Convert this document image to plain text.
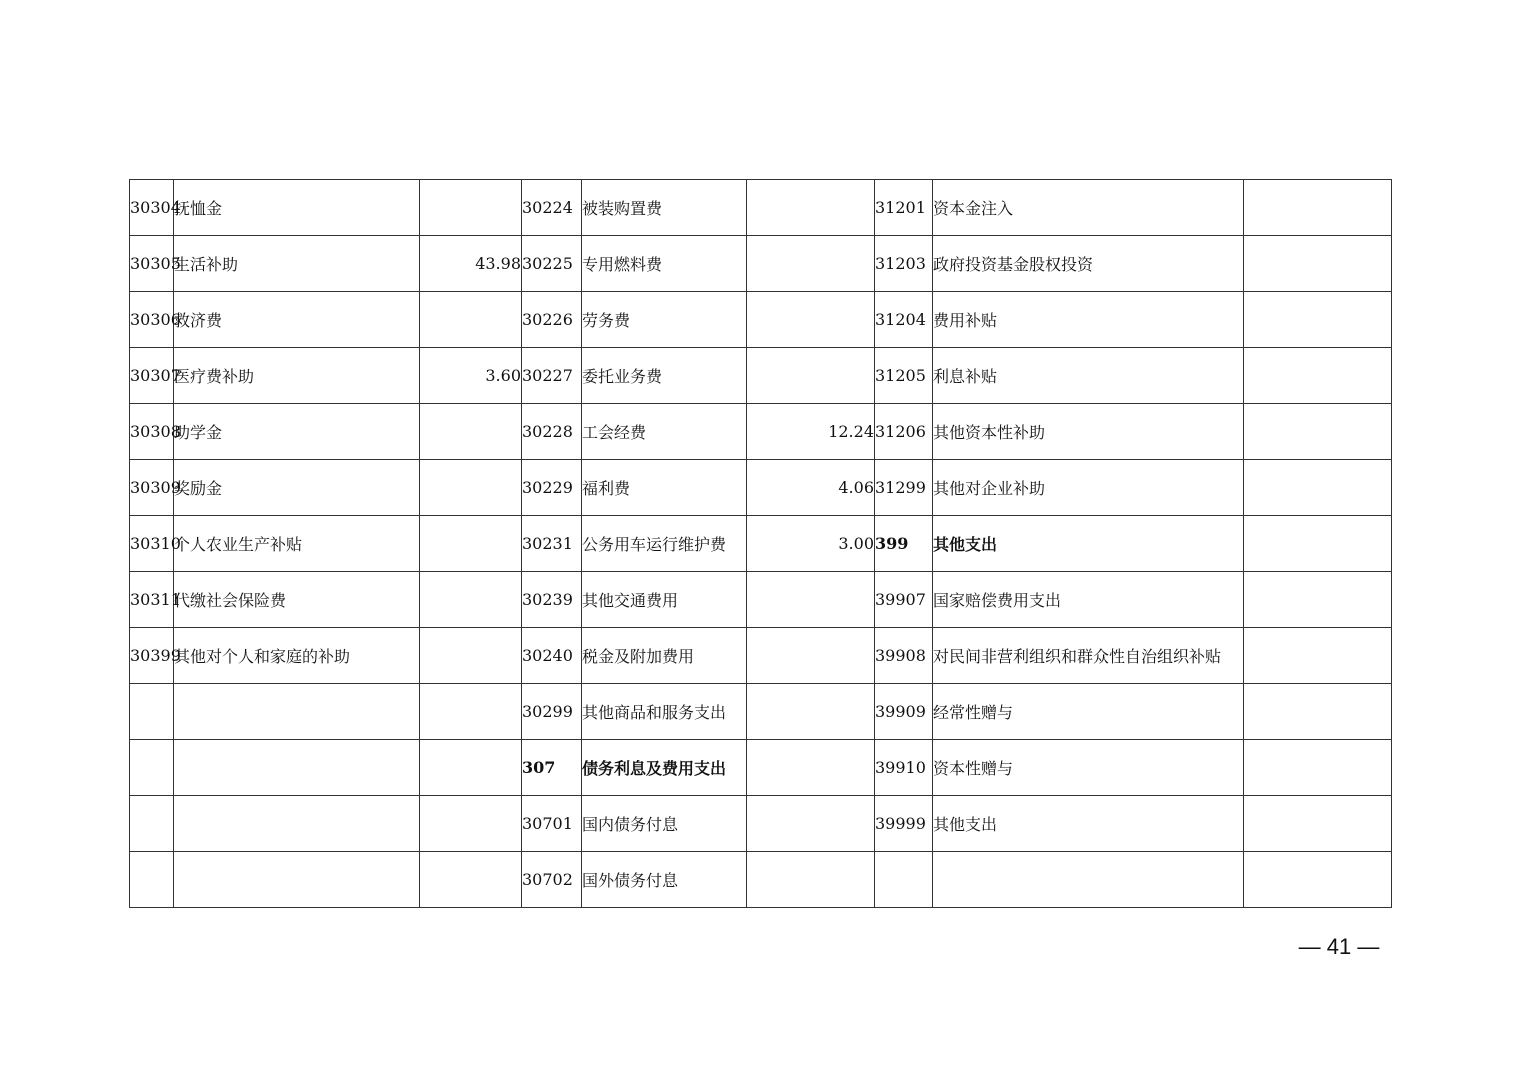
30304	抚恤金		30224	被装购置费		31201	资本金注入	
30305	生活补助	43.98	30225	专用燃料费		31203	政府投资基金股权投资	
30306	救济费		30226	劳务费		31204	费用补贴	
30307	医疗费补助	3.60	30227	委托业务费		31205	利息补贴	
30308	助学金		30228	工会经费	12.24	31206	其他资本性补助	
30309	奖励金		30229	福利费	4.06	31299	其他对企业补助	
30310	个人农业生产补贴		30231	公务用车运行维护费	3.00	399	其他支出	
30311	代缴社会保险费		30239	其他交通费用		39907	国家赔偿费用支出	
30399	其他对个人和家庭的补助		30240	税金及附加费用		39908	对民间非营利组织和群众性自治组织补贴	
			30299	其他商品和服务支出		39909	经常性赠与	
			307	债务利息及费用支出		39910	资本性赠与	
			30701	国内债务付息		39999	其他支出	
			30702	国外债务付息				
— 41 —
